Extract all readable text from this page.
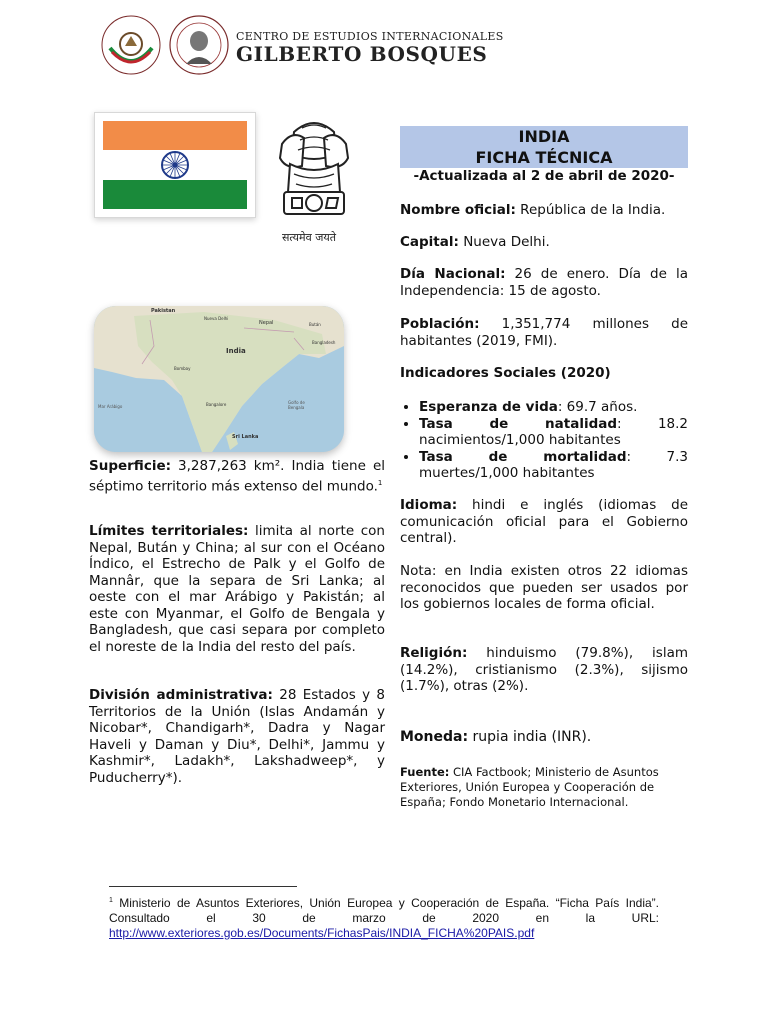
CENTRO DE ESTUDIOS INTERNACIONALES
GILBERTO BOSQUES
सत्यमेव जयते
Pakistan
Nueva Delhi
Nepal	Bután
India
Bangladesh
Bombay
Mar Arábigo	Bangalore	Golfo de Bengala
Sri Lanka
Superficie: 3,287,263 km². India tiene el séptimo territorio más extenso del mundo.$^1$
Límites territoriales: limita al norte con Nepal, Bután y China; al sur con el Océano Índico, el Estrecho de Palk y el Golfo de Mannâr, que la separa de Sri Lanka; al oeste con el mar Arábigo y Pakistán; al este con Myanmar, el Golfo de Bengala y Bangladesh, que casi separa por completo el noreste de la India del resto del país.
División administrativa: 28 Estados y 8 Territorios de la Unión (Islas Andamán y Nicobar*, Chandigarh*, Dadra y Nagar Haveli y Daman y Diu*, Delhi*, Jammu y Kashmir*, Ladakh*, Lakshadweep*, y Puducherry*).
INDIA
FICHA TÉCNICA
-Actualizada al 2 de abril de 2020-
Nombre oficial: República de la India.
Capital: Nueva Delhi.
Día Nacional: 26 de enero. Día de la Independencia: 15 de agosto.
Población: 1,351,774 millones de habitantes (2019, FMI).
Indicadores Sociales (2020)
• Esperanza de vida: 69.7 años.
• Tasa de natalidad: 18.2 nacimientos/1,000 habitantes
• Tasa de mortalidad: 7.3 muertes/1,000 habitantes
Idioma: hindi e inglés (idiomas de comunicación oficial para el Gobierno central).
Nota: en India existen otros 22 idiomas reconocidos que pueden ser usados por los gobiernos locales de forma oficial.
Religión: hinduismo (79.8%), islam (14.2%), cristianismo (2.3%), sijismo (1.7%), otras (2%).
Moneda: rupia india (INR).
Fuente: CIA Factbook; Ministerio de Asuntos Exteriores, Unión Europea y Cooperación de España; Fondo Monetario Internacional.
$^1$ Ministerio de Asuntos Exteriores, Unión Europea y Cooperación de España. “Ficha País India”. Consultado el 30 de marzo de 2020 en la URL: http://www.exteriores.gob.es/Documents/FichasPais/INDIA_FICHA%20PAIS.pdf
